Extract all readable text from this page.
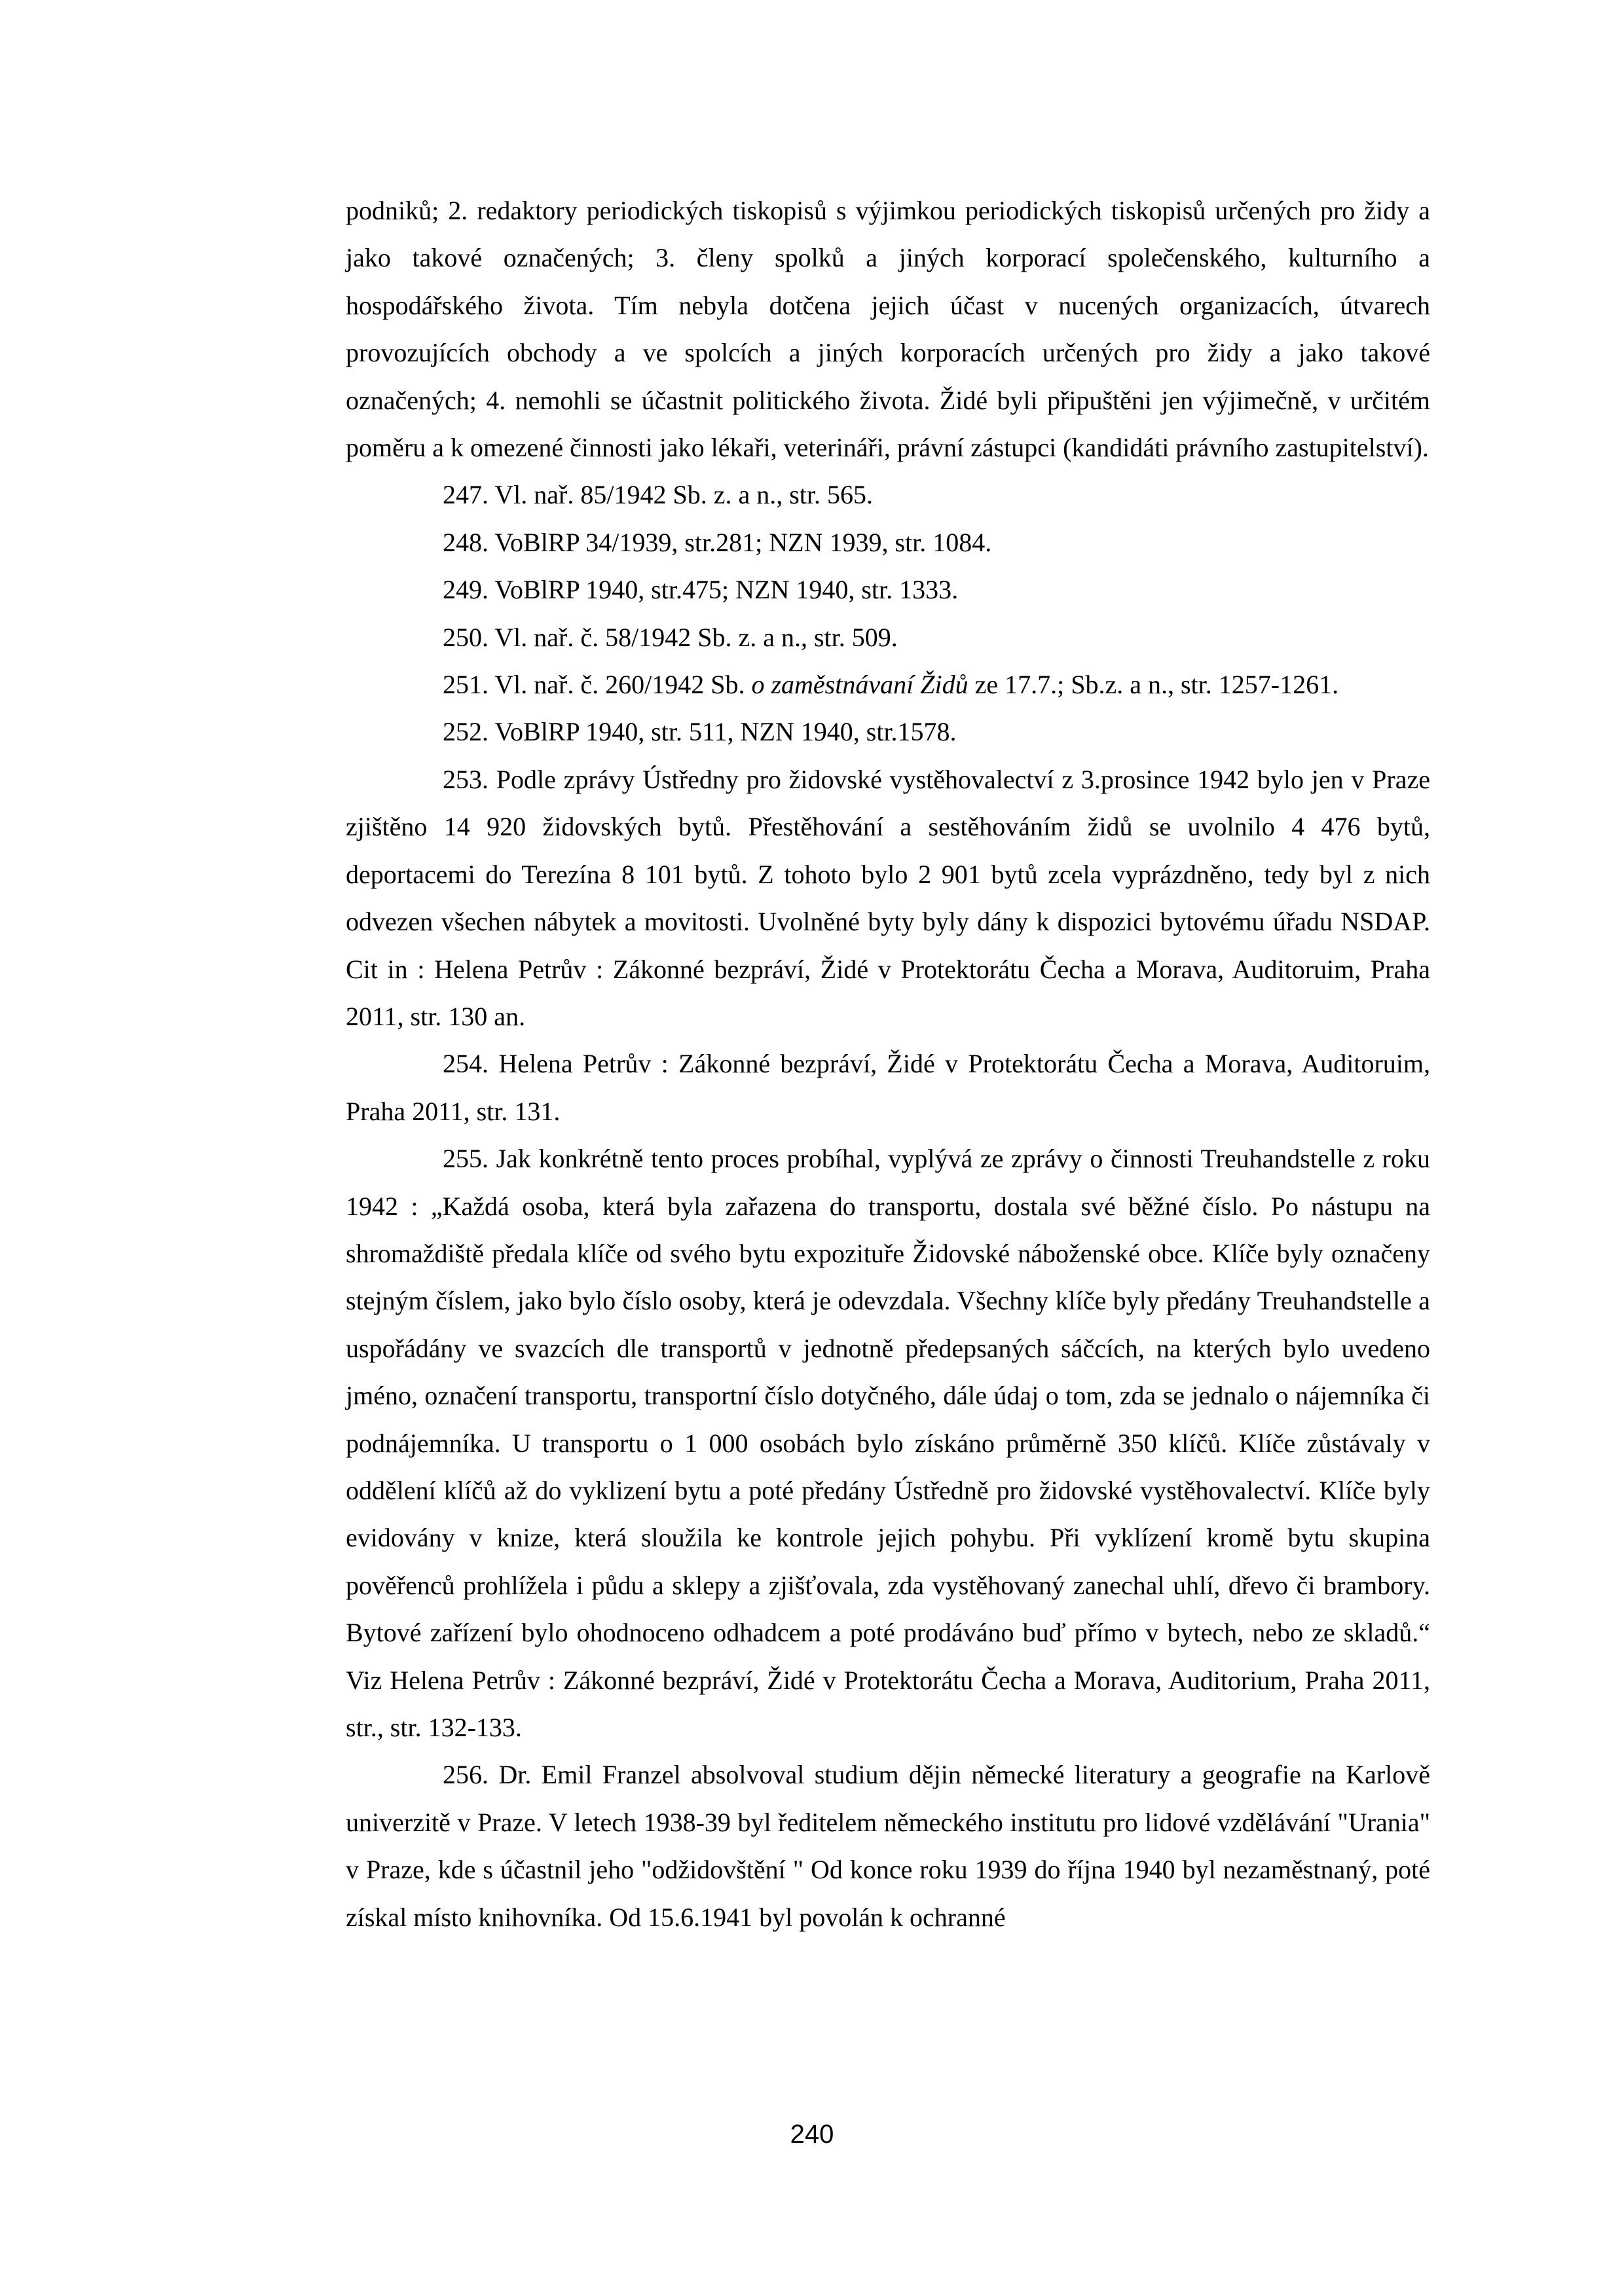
podniků; 2. redaktory periodických tiskopisů s výjimkou periodických tiskopisů určených pro židy a jako takové označených; 3. členy spolků a jiných korporací společenského, kulturního a hospodářského života. Tím nebyla dotčena jejich účast v nucených organizacích, útvarech provozujících obchody a ve spolcích a jiných korporacích určených pro židy a jako takové označených; 4. nemohli se účastnit politického života. Židé byli připuštěni jen výjimečně, v určitém poměru a k omezené činnosti jako lékaři, veterináři, právní zástupci (kandidáti právního zastupitelství).

247. Vl. nař. 85/1942 Sb. z. a n., str. 565.

248. VoBlRP 34/1939, str.281; NZN 1939, str. 1084.

249. VoBlRP 1940, str.475; NZN 1940, str. 1333.

250. Vl. nař. č. 58/1942 Sb. z. a n., str. 509.

251. Vl. nař. č. 260/1942 Sb. o zaměstnávaní Židů ze 17.7.; Sb.z. a n., str. 1257-1261.

252. VoBlRP 1940, str. 511, NZN 1940, str.1578.

253. Podle zprávy Ústředny pro židovské vystěhovalectví z 3.prosince 1942 bylo jen v Praze zjištěno 14 920 židovských bytů. Přestěhování a sestěhováním židů se uvolnilo 4 476 bytů, deportacemi do Terezína 8 101 bytů. Z tohoto bylo 2 901 bytů zcela vyprázdněno, tedy byl z nich odvezen všechen nábytek a movitosti. Uvolněné byty byly dány k dispozici bytovému úřadu NSDAP. Cit in : Helena Petrův : Zákonné bezpráví, Židé v Protektorátu Čecha a Morava, Auditoruim, Praha 2011, str. 130 an.

254. Helena Petrův : Zákonné bezpráví, Židé v Protektorátu Čecha a Morava, Auditoruim, Praha 2011, str. 131.

255. Jak konkrétně tento proces probíhal, vyplývá ze zprávy o činnosti Treuhandstelle z roku 1942 : „Každá osoba, která byla zařazena do transportu, dostala své běžné číslo. Po nástupu na shromaždiště předala klíče od svého bytu expozituře Židovské náboženské obce. Klíče byly označeny stejným číslem, jako bylo číslo osoby, která je odevzdala. Všechny klíče byly předány Treuhandstelle a uspořádány ve svazcích dle transportů v jednotně předepsaných sáčcích, na kterých bylo uvedeno jméno, označení transportu, transportní číslo dotyčného, dále údaj o tom, zda se jednalo o nájemníka či podnájemníka. U transportu o 1 000 osobách bylo získáno průměrně 350 klíčů. Klíče zůstávaly v oddělení klíčů až do vyklizení bytu a poté předány Ústředně pro židovské vystěhovalectví. Klíče byly evidovány v knize, která sloužila ke kontrole jejich pohybu. Při vyklízení kromě bytu skupina pověřenců prohlížela i půdu a sklepy a zjišťovala, zda vystěhovaný zanechal uhlí, dřevo či brambory. Bytové zařízení bylo ohodnoceno odhadcem a poté prodáváno buď přímo v bytech, nebo ze skladů.“ Viz Helena Petrův : Zákonné bezpráví, Židé v Protektorátu Čecha a Morava, Auditorium, Praha 2011, str., str. 132-133.

256. Dr. Emil Franzel absolvoval studium dějin německé literatury a geografie na Karlově univerzitě v Praze. V letech 1938-39 byl ředitelem německého institutu pro lidové vzdělávání "Urania" v Praze, kde s účastnil jeho "odžidovštění " Od konce roku 1939 do října 1940 byl nezaměstnaný, poté získal místo knihovníka. Od 15.6.1941 byl povolán k ochranné

240
